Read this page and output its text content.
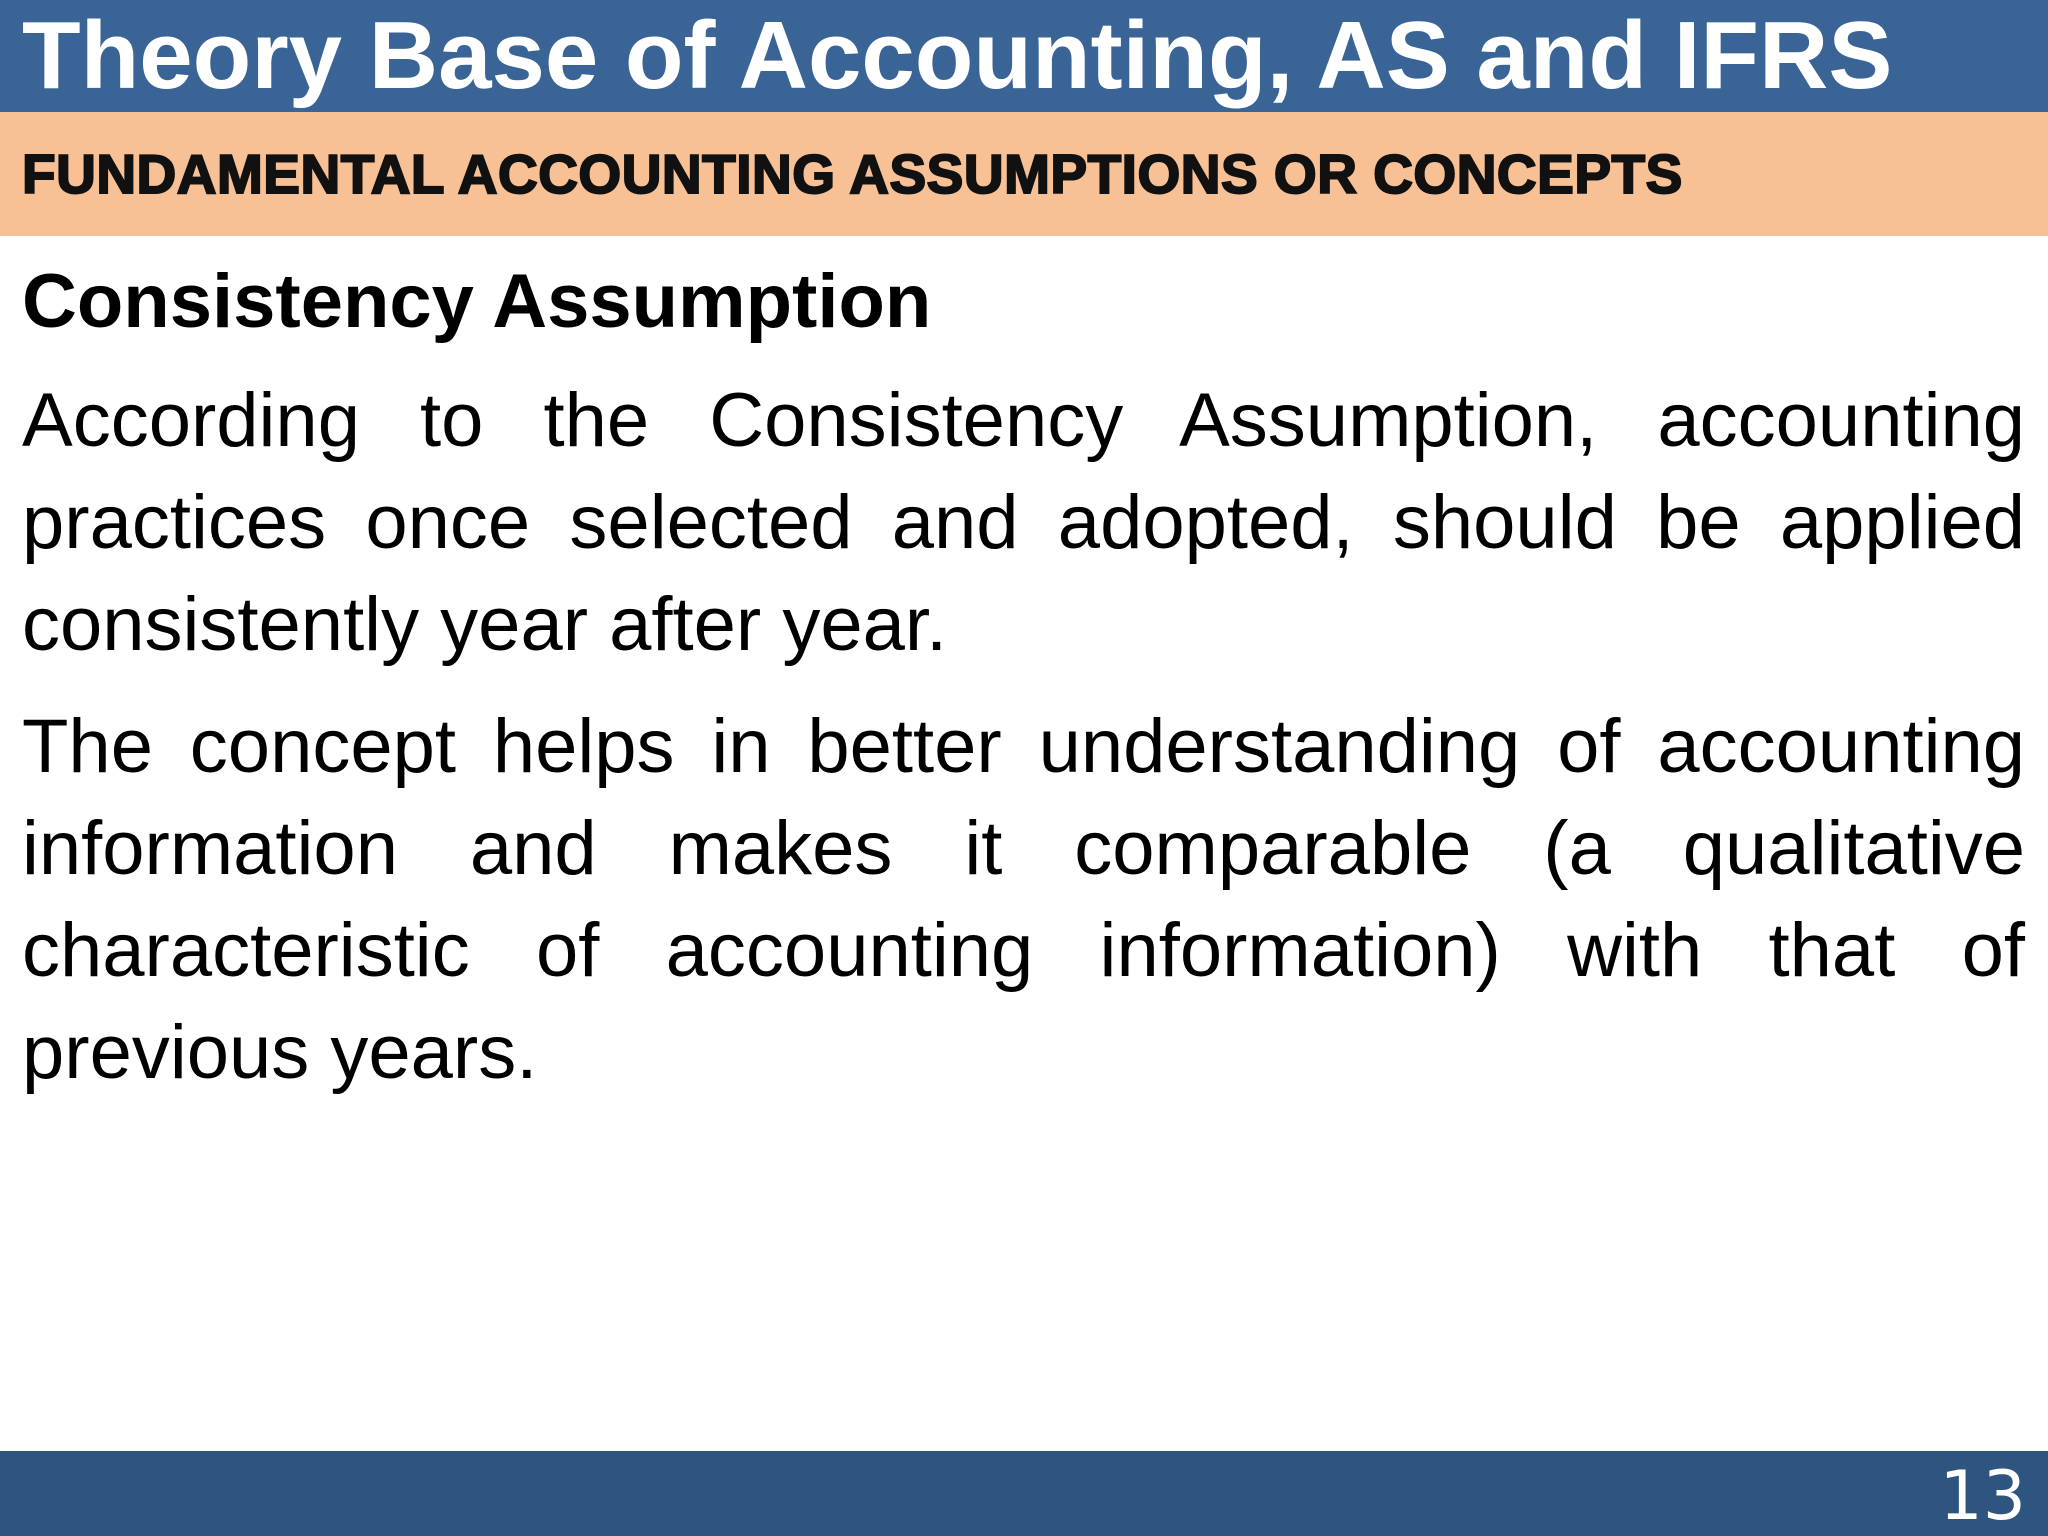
Theory Base of Accounting, AS and IFRS
FUNDAMENTAL ACCOUNTING ASSUMPTIONS OR CONCEPTS
Consistency Assumption

According to the Consistency Assumption, accounting practices once selected and adopted, should be applied consistently year after year.

The concept helps in better understanding of accounting information and makes it comparable (a qualitative characteristic of accounting information) with that of previous years.

13
